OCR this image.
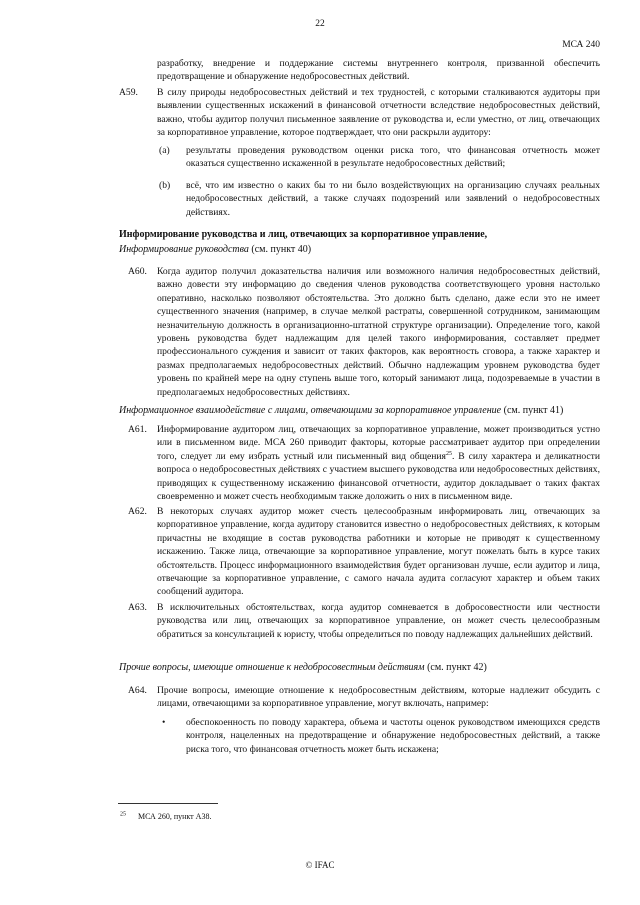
22
МСА 240
разработку, внедрение и поддержание системы внутреннего контроля, призванной обеспечить предотвращение и обнаружение недобросовестных действий.
A59. В силу природы недобросовестных действий и тех трудностей, с которыми сталкиваются аудиторы при выявлении существенных искажений в финансовой отчетности вследствие недобросовестных действий, важно, чтобы аудитор получил письменное заявление от руководства и, если уместно, от лиц, отвечающих за корпоративное управление, которое подтверждает, что они раскрыли аудитору:
(a) результаты проведения руководством оценки риска того, что финансовая отчетность может оказаться существенно искаженной в результате недобросовестных действий;
(b) всё, что им известно о каких бы то ни было воздействующих на организацию случаях реальных недобросовестных действий, а также случаях подозрений или заявлений о недобросовестных действиях.
Информирование руководства и лиц, отвечающих за корпоративное управление,
Информирование руководства (см. пункт 40)
A60. Когда аудитор получил доказательства наличия или возможного наличия недобросовестных действий, важно довести эту информацию до сведения членов руководства соответствующего уровня настолько оперативно, насколько позволяют обстоятельства. Это должно быть сделано, даже если это не имеет существенного значения (например, в случае мелкой растраты, совершенной сотрудником, занимающим незначительную должность в организационно-штатной структуре организации). Определение того, какой уровень руководства будет надлежащим для целей такого информирования, составляет предмет профессионального суждения и зависит от таких факторов, как вероятность сговора, а также характер и размах предполагаемых недобросовестных действий. Обычно надлежащим уровнем руководства будет уровень по крайней мере на одну ступень выше того, который занимают лица, подозреваемые в участии в предполагаемых недобросовестных действиях.
Информационное взаимодействие с лицами, отвечающими за корпоративное управление (см. пункт 41)
A61. Информирование аудитором лиц, отвечающих за корпоративное управление, может производиться устно или в письменном виде. МСА 260 приводит факторы, которые рассматривает аудитор при определении того, следует ли ему избрать устный или письменный вид общения$^{25}$. В силу характера и деликатности вопроса о недобросовестных действиях с участием высшего руководства или недобросовестных действиях, приводящих к существенному искажению финансовой отчетности, аудитор докладывает о таких фактах своевременно и может счесть необходимым также доложить о них в письменном виде.
A62. В некоторых случаях аудитор может счесть целесообразным информировать лиц, отвечающих за корпоративное управление, когда аудитору становится известно о недобросовестных действиях, к которым причастны не входящие в состав руководства работники и которые не приводят к существенному искажению. Также лица, отвечающие за корпоративное управление, могут пожелать быть в курсе таких обстоятельств. Процесс информационного взаимодействия будет организован лучше, если аудитор и лица, отвечающие за корпоративное управление, с самого начала аудита согласуют характер и объем таких сообщений аудитора.
A63. В исключительных обстоятельствах, когда аудитор сомневается в добросовестности или честности руководства или лиц, отвечающих за корпоративное управление, он может счесть целесообразным обратиться за консультацией к юристу, чтобы определиться по поводу надлежащих дальнейших действий.
Прочие вопросы, имеющие отношение к недобросовестным действиям (см. пункт 42)
A64. Прочие вопросы, имеющие отношение к недобросовестным действиям, которые надлежит обсудить с лицами, отвечающими за корпоративное управление, могут включать, например:
• обеспокоенность по поводу характера, объема и частоты оценок руководством имеющихся средств контроля, нацеленных на предотвращение и обнаружение недобросовестных действий, а также риска того, что финансовая отчетность может быть искажена;
$^{25}$ МСА 260, пункт A38.
© IFAC
